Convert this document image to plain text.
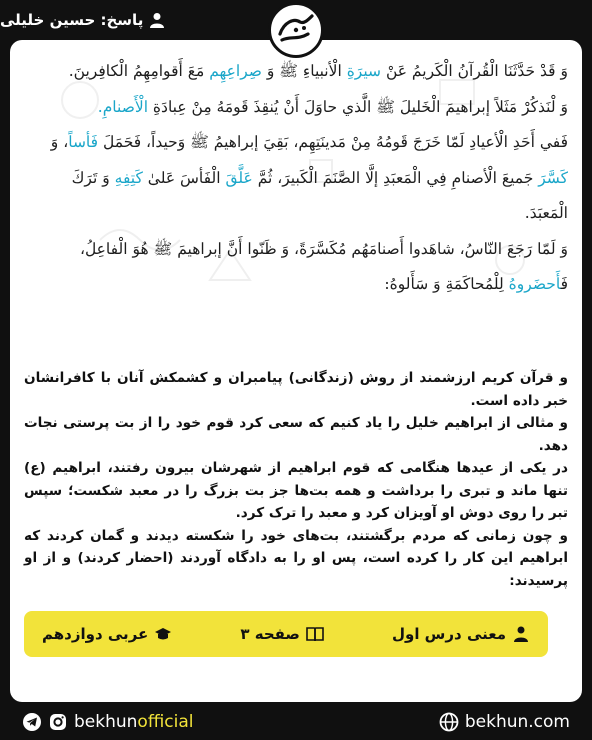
پاسخ: حسین خلیلی

وَ قَدْ حَدَّثَنَا الْقُرآنُ الْكَريمُ عَنْ سيرَةِ الْأنبياءِ ﷺ وَ صِراعِهِم مَعَ أَقوامِهِمُ الْكافِرينَ.

وَ لْنَذكُرْ مَثَلاً إبراهيمَ الْخَليلَ ﷺ الَّذي حاوَلَ أَنْ يُنقِذَ قَومَهُ مِنْ عِبادَةِ الْأَصنامِ.

فَفي أَحَدِ الْأعيادِ لَمّا خَرَجَ قَومُهُ مِنْ مَدينَتِهِم، بَقِيَ إبراهيمُ ﷺ وَحيداً، فَحَمَلَ فَأساً، وَ كَسَّرَ جَميعَ الْأصنامِ فِي الْمَعبَدِ إلَّا الصَّنَمَ الْكَبيرَ، ثُمَّ عَلَّقَ الْفَأسَ عَلىٰ كَتِفِهِ وَ تَرَكَ الْمَعبَدَ.

وَ لَمّا رَجَعَ النّاسُ، شاهَدوا أَصنامَهُم مُكَسَّرَةً، وَ ظَنّوا أَنَّ إبراهيمَ ﷺ هُوَ الْفاعِلُ،

فَأَحضَروهُ لِلْمُحاكَمَةِ وَ سَأَلوهُ:

و قرآن کریم ارزشمند از روش (زندگانی) پیامبران و کشمکش آنان با کافرانشان خبر داده است.

و مثالی از ابراهیم خلیل را یاد کنیم که سعی کرد قوم خود را از بت پرستی نجات دهد.

در یکی از عیدها هنگامی که قوم ابراهیم از شهرشان بیرون رفتند، ابراهیم (ع) تنها ماند و تبری را برداشت و همه بت‌ها جز بت بزرگ را در معبد شکست؛ سپس تبر را روی دوش او آویزان کرد و معبد را ترک کرد.

و چون زمانی که مردم برگشتند، بت‌های خود را شکسته دیدند و گمان کردند که ابراهیم این کار را کرده است، پس او را به دادگاه آوردند (احضار کردند) و از او پرسیدند:

معنی درس اول
صفحه ۳
عربی دوازدهم
bekhunofficial	bekhun.com
